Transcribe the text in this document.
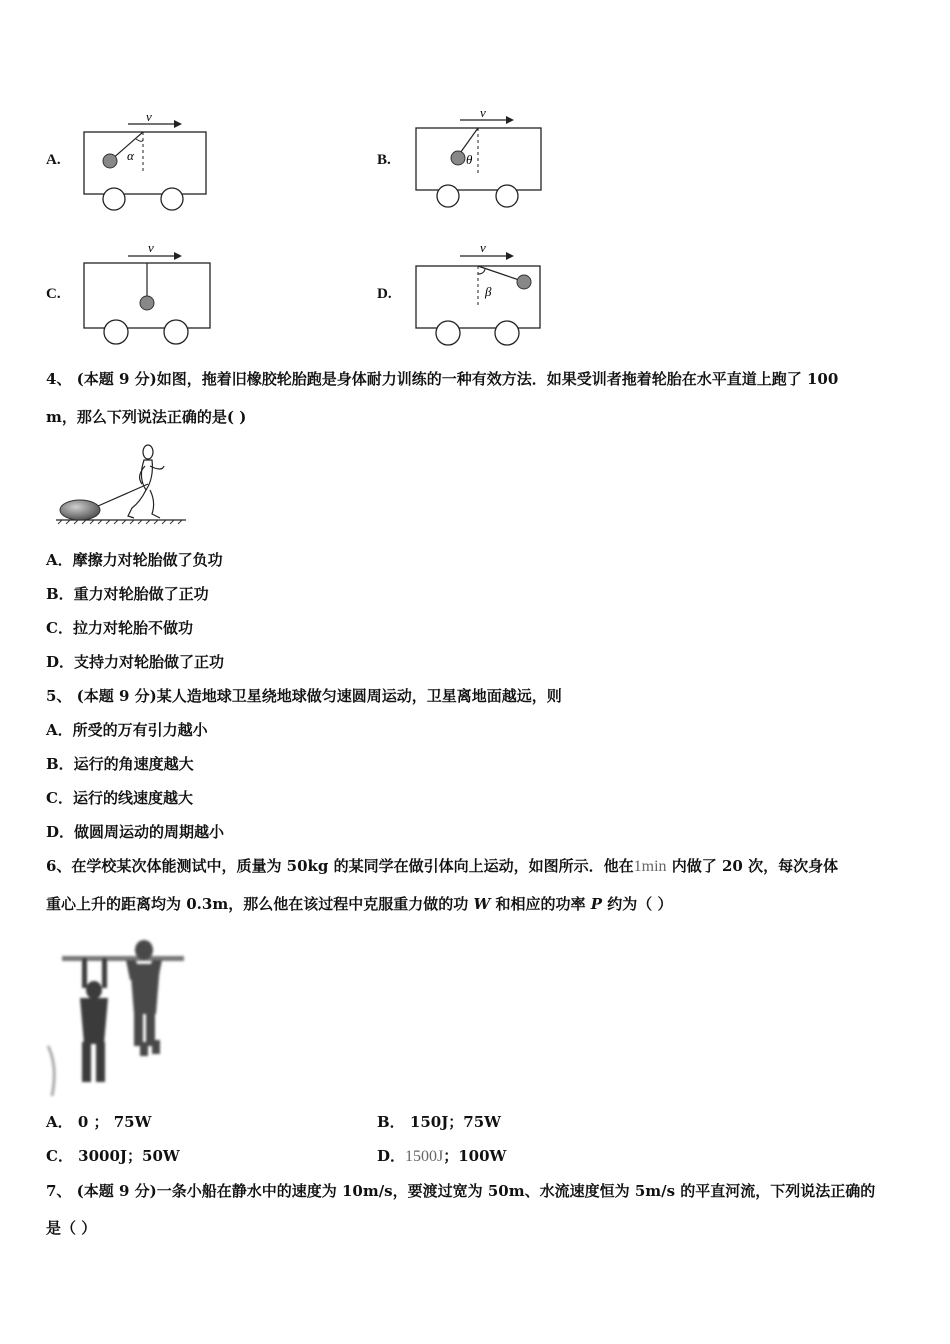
A.
v
α	B.
v
θ
C.
v
D.
v
β
4、 (本题 9 分)如图，拖着旧橡胶轮胎跑是身体耐力训练的一种有效方法．如果受训者拖着轮胎在水平直道上跑了 100
m，那么下列说法正确的是( )
A．摩擦力对轮胎做了负功
B．重力对轮胎做了正功
C．拉力对轮胎不做功
D．支持力对轮胎做了正功
5、 (本题 9 分)某人造地球卫星绕地球做匀速圆周运动，卫星离地面越远，则
A．所受的万有引力越小
B．运行的角速度越大
C．运行的线速度越大
D．做圆周运动的周期越小
6、在学校某次体能测试中，质量为 50kg 的某同学在做引体向上运动，如图所示．他在1min 内做了 20 次，每次身体
重心上升的距离均为 0.3m，那么他在该过程中克服重力做的功 W 和相应的功率 P 约为（ ）
A． 0 ； 75W	B． 150J；75W
C． 3000J；50W	D．1500J；100W
7、 (本题 9 分)一条小船在静水中的速度为 10m/s，要渡过宽为 50m、水流速度恒为 5m/s 的平直河流，下列说法正确的
是（ ）
